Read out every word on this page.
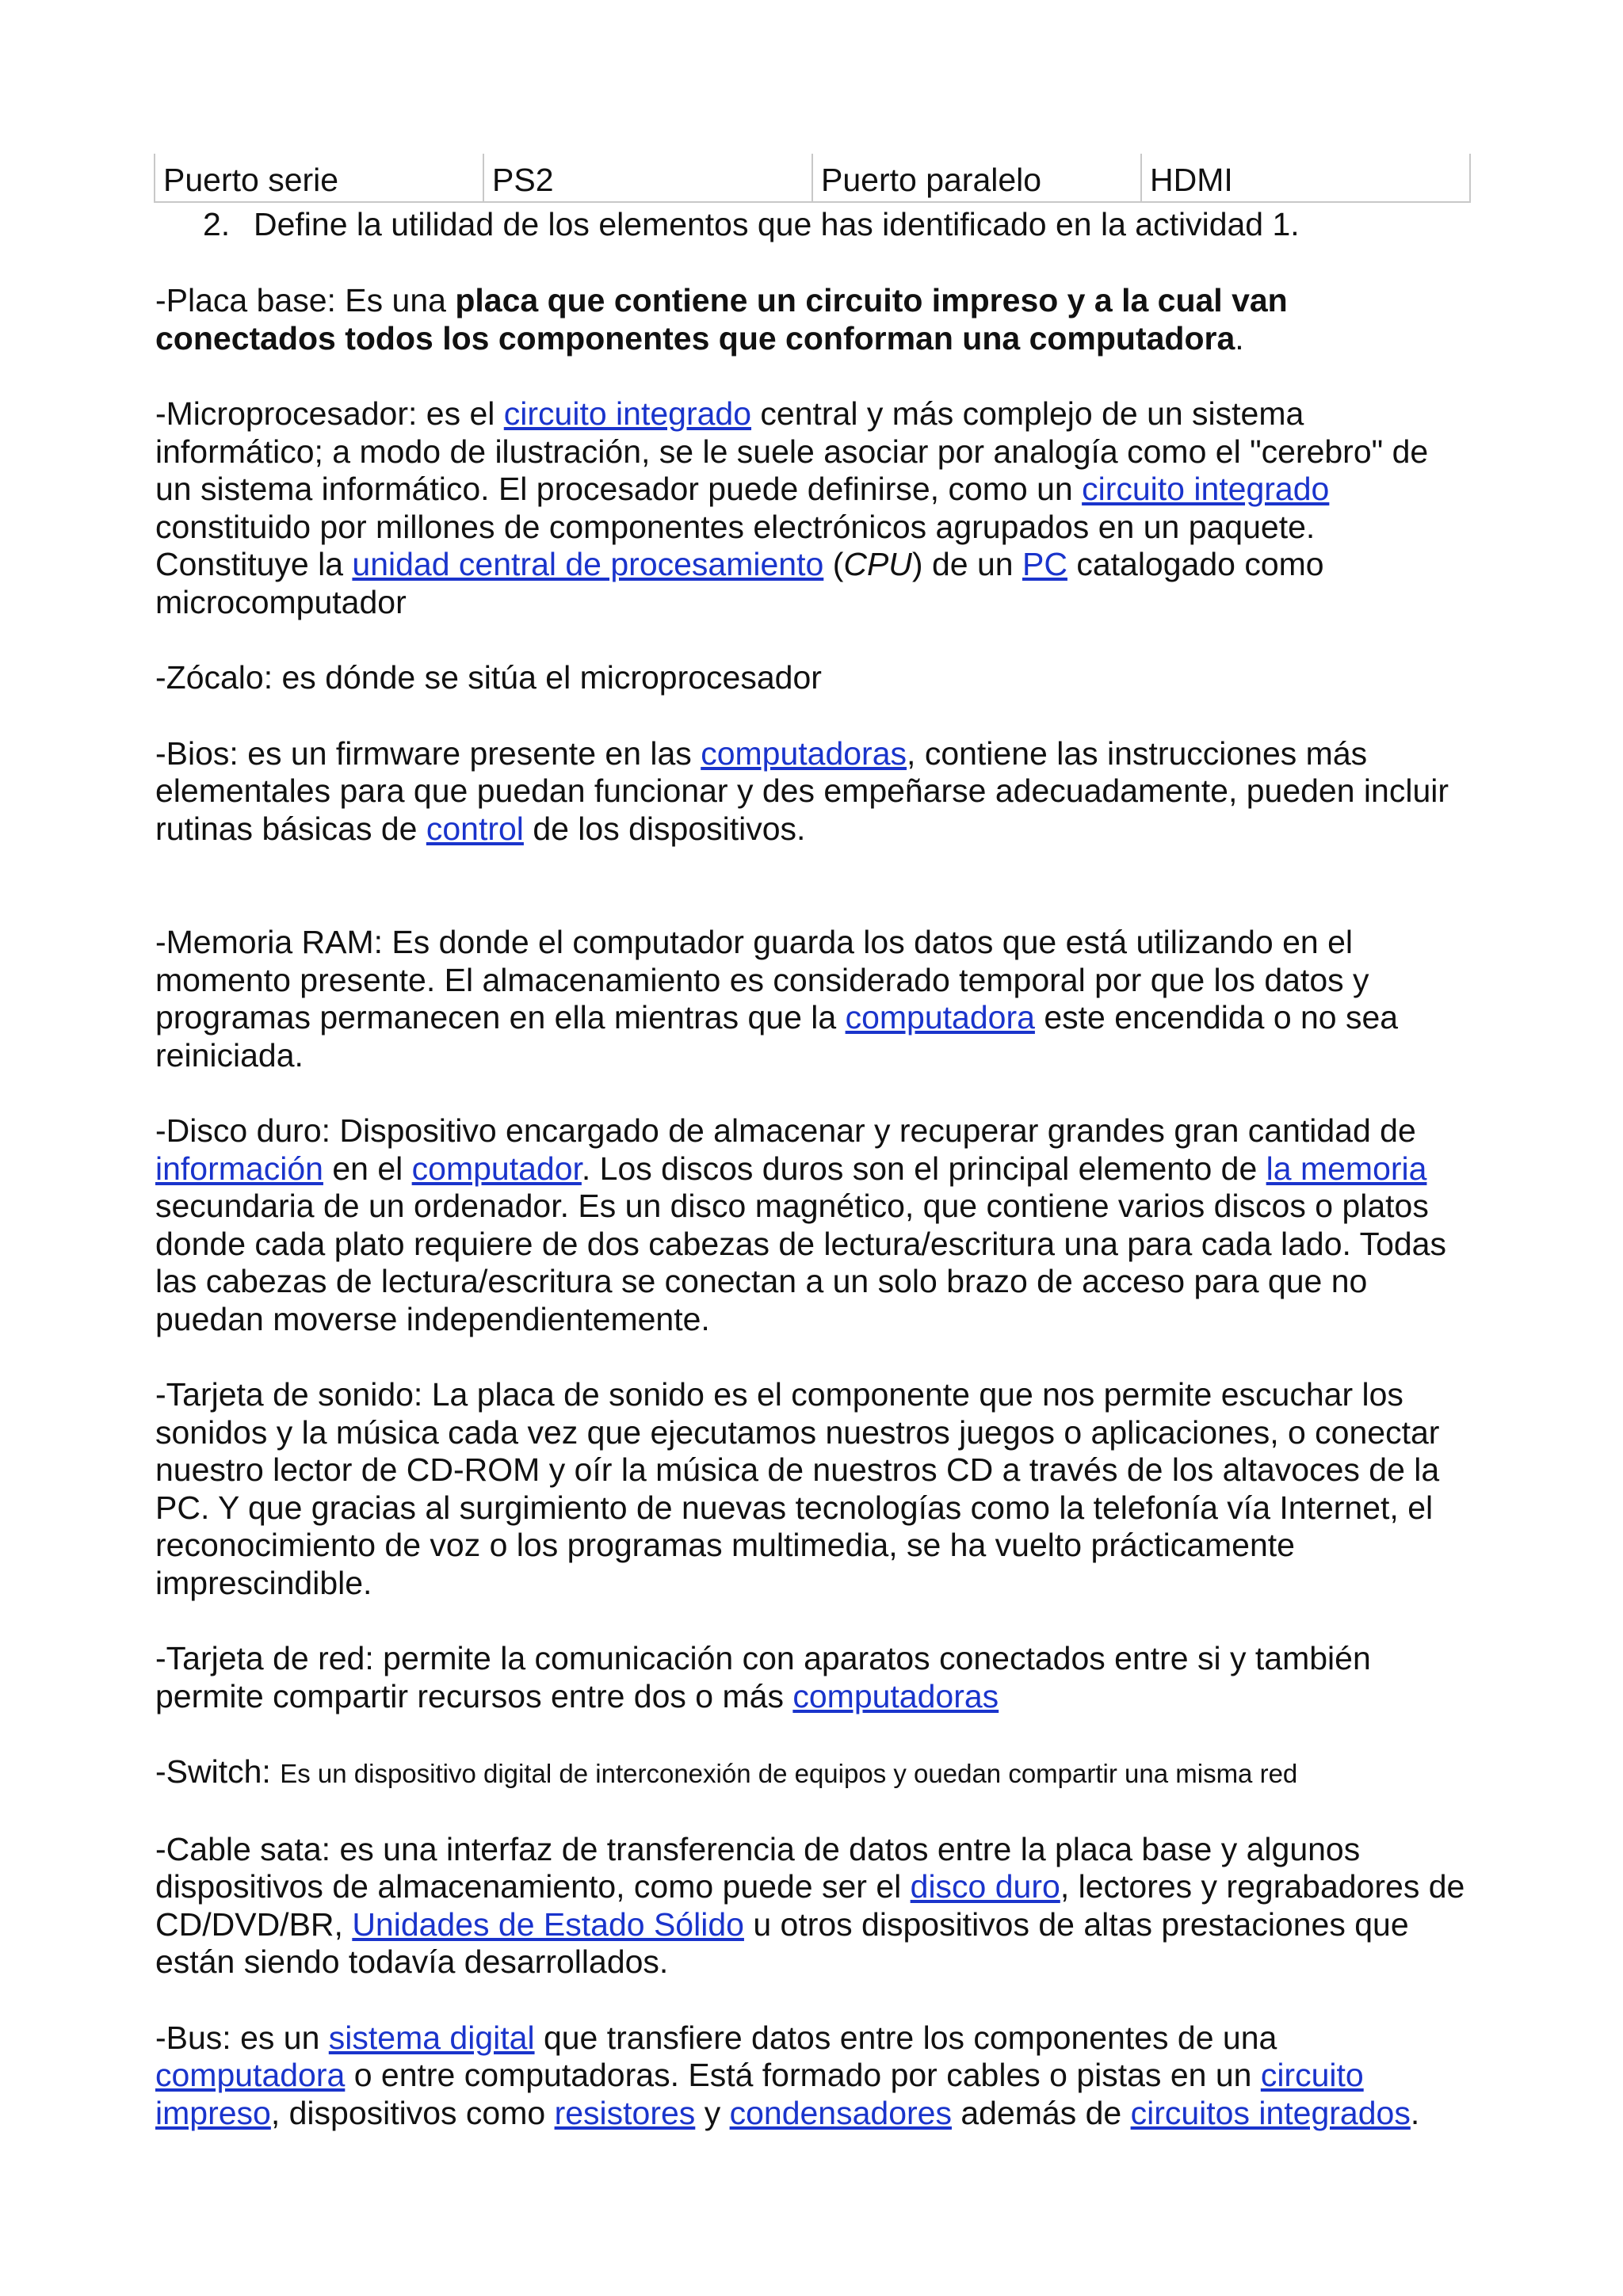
Puerto serie	PS2	Puerto paralelo	HDMI

2. Define la utilidad de los elementos que has identificado en la actividad 1.

-Placa base: Es una placa que contiene un circuito impreso y a la cual van conectados todos los componentes que conforman una computadora.

-Microprocesador: es el circuito integrado central y más complejo de un sistema informático; a modo de ilustración, se le suele asociar por analogía como el "cerebro" de un sistema informático. El procesador puede definirse, como un circuito integrado constituido por millones de componentes electrónicos agrupados en un paquete. Constituye la unidad central de procesamiento (CPU) de un PC catalogado como microcomputador

-Zócalo: es dónde se sitúa el microprocesador

-Bios: es un firmware presente en las computadoras, contiene las instrucciones más elementales para que puedan funcionar y des empeñarse adecuadamente, pueden incluir rutinas básicas de control de los dispositivos.

-Memoria RAM: Es donde el computador guarda los datos que está utilizando en el momento presente. El almacenamiento es considerado temporal por que los datos y programas permanecen en ella mientras que la computadora este encendida o no sea reiniciada.

-Disco duro: Dispositivo encargado de almacenar y recuperar grandes gran cantidad de información en el computador. Los discos duros son el principal elemento de la memoria secundaria de un ordenador. Es un disco magnético, que contiene varios discos o platos donde cada plato requiere de dos cabezas de lectura/escritura una para cada lado. Todas las cabezas de lectura/escritura se conectan a un solo brazo de acceso para que no puedan moverse independientemente.

-Tarjeta de sonido: La placa de sonido es el componente que nos permite escuchar los sonidos y la música cada vez que ejecutamos nuestros juegos o aplicaciones, o conectar nuestro lector de CD-ROM y oír la música de nuestros CD a través de los altavoces de la PC. Y que gracias al surgimiento de nuevas tecnologías como la telefonía vía Internet, el reconocimiento de voz o los programas multimedia, se ha vuelto prácticamente imprescindible.

-Tarjeta de red: permite la comunicación con aparatos conectados entre si y también permite compartir recursos entre dos o más computadoras

-Switch: Es un dispositivo digital de interconexión de equipos y ouedan compartir una misma red

-Cable sata: es una interfaz de transferencia de datos entre la placa base y algunos dispositivos de almacenamiento, como puede ser el disco duro, lectores y regrabadores de CD/DVD/BR, Unidades de Estado Sólido u otros dispositivos de altas prestaciones que están siendo todavía desarrollados.

-Bus: es un sistema digital que transfiere datos entre los componentes de una computadora o entre computadoras. Está formado por cables o pistas en un circuito impreso, dispositivos como resistores y condensadores además de circuitos integrados.
